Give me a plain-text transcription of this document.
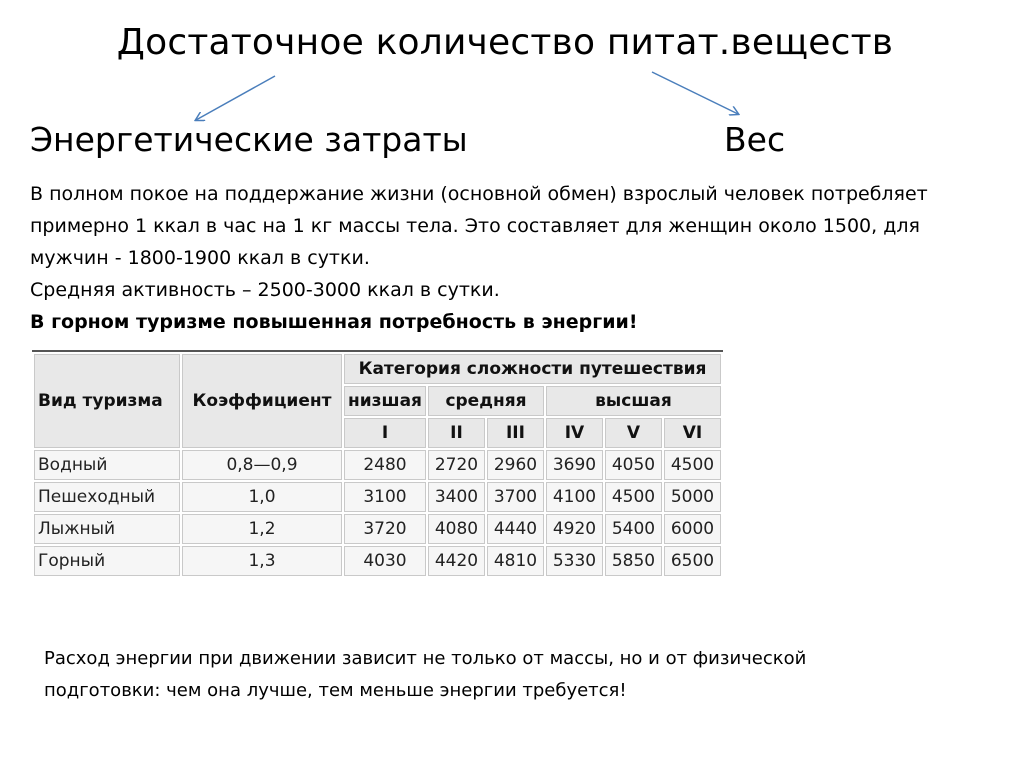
Достаточное количество питат.веществ
Энергетические затраты	Вес
В полном покое на поддержание жизни (основной обмен) взрослый человек потребляет
примерно 1 ккал в час на 1 кг массы тела. Это составляет для женщин около 1500, для
мужчин - 1800-1900 ккал в сутки.
Средняя активность – 2500-3000 ккал в сутки.
В горном туризме повышенная потребность в энергии!
Вид туризма	Коэффициент	Категория сложности путешествия					
		низшая	средняя		высшая		
		I	II	III	IV	V	VI
Водный	0,8—0,9	2480	2720	2960	3690	4050	4500
Пешеходный	1,0	3100	3400	3700	4100	4500	5000
Лыжный	1,2	3720	4080	4440	4920	5400	6000
Горный	1,3	4030	4420	4810	5330	5850	6500
Расход энергии при движении зависит не только от массы, но и от физической
подготовки: чем она лучше, тем меньше энергии требуется!
